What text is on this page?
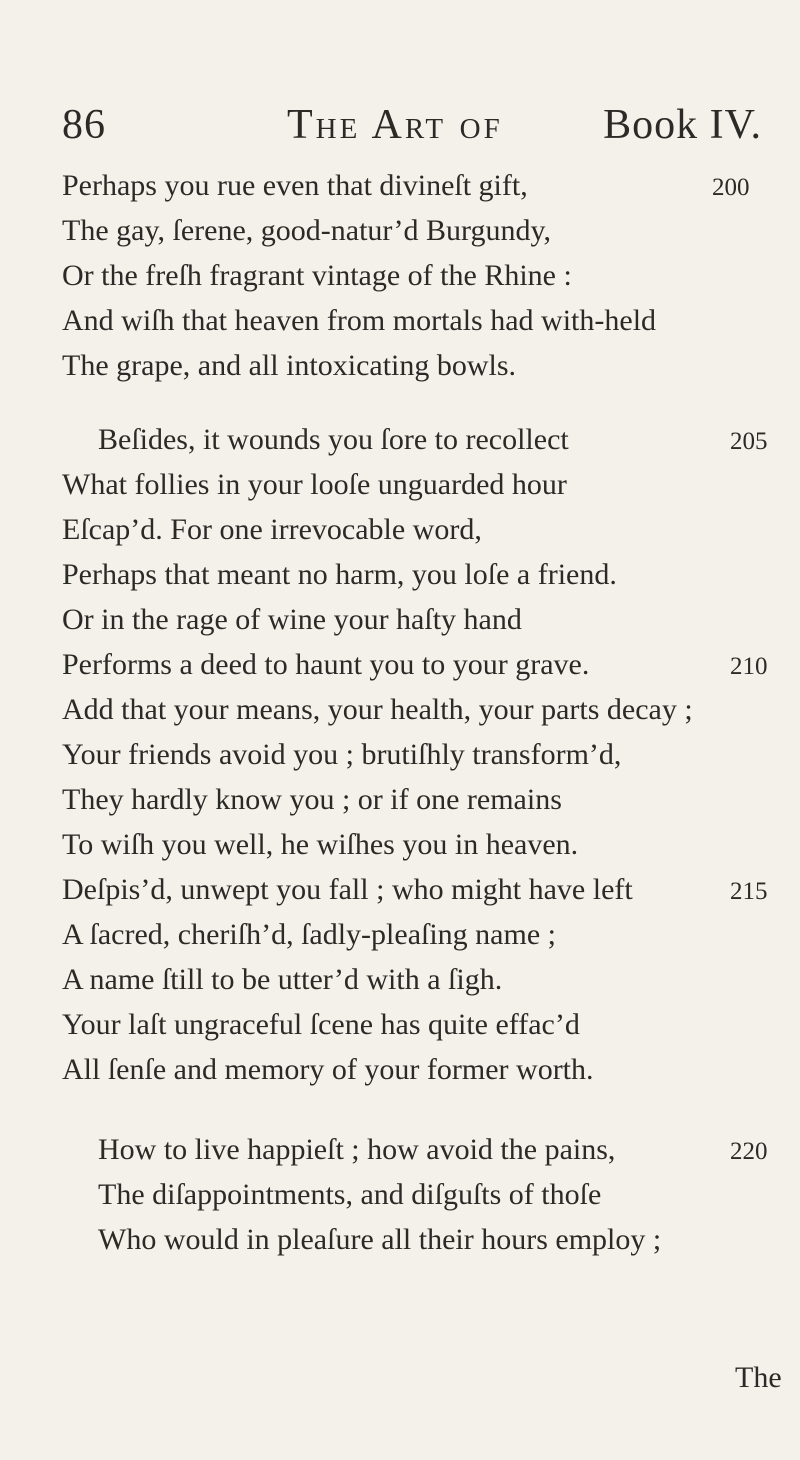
86	The Art of Book IV.
Perhaps you rue even that divineſt gift,
The gay, ſerene, good-natur’d Burgundy,
Or the freſh fragrant vintage of the Rhine :
And wiſh that heaven from mortals had with-held
The grape, and all intoxicating bowls.
200
Beſides, it wounds you ſore to recollect
What follies in your looſe unguarded hour
Eſcap’d. For one irrevocable word,
Perhaps that meant no harm, you loſe a friend.
Or in the rage of wine your haſty hand
Performs a deed to haunt you to your grave.
Add that your means, your health, your parts decay ;
Your friends avoid you ; brutiſhly transform’d,
They hardly know you ; or if one remains
To wiſh you well, he wiſhes you in heaven.
Deſpis’d, unwept you fall ; who might have left
A ſacred, cheriſh’d, ſadly-pleaſing name ;
A name ſtill to be utter’d with a ſigh.
Your laſt ungraceful ſcene has quite effac’d
All ſenſe and memory of your former worth.
205
210
215
How to live happieſt ; how avoid the pains,
The diſappointments, and diſguſts of thoſe
Who would in pleaſure all their hours employ ;
220
The
